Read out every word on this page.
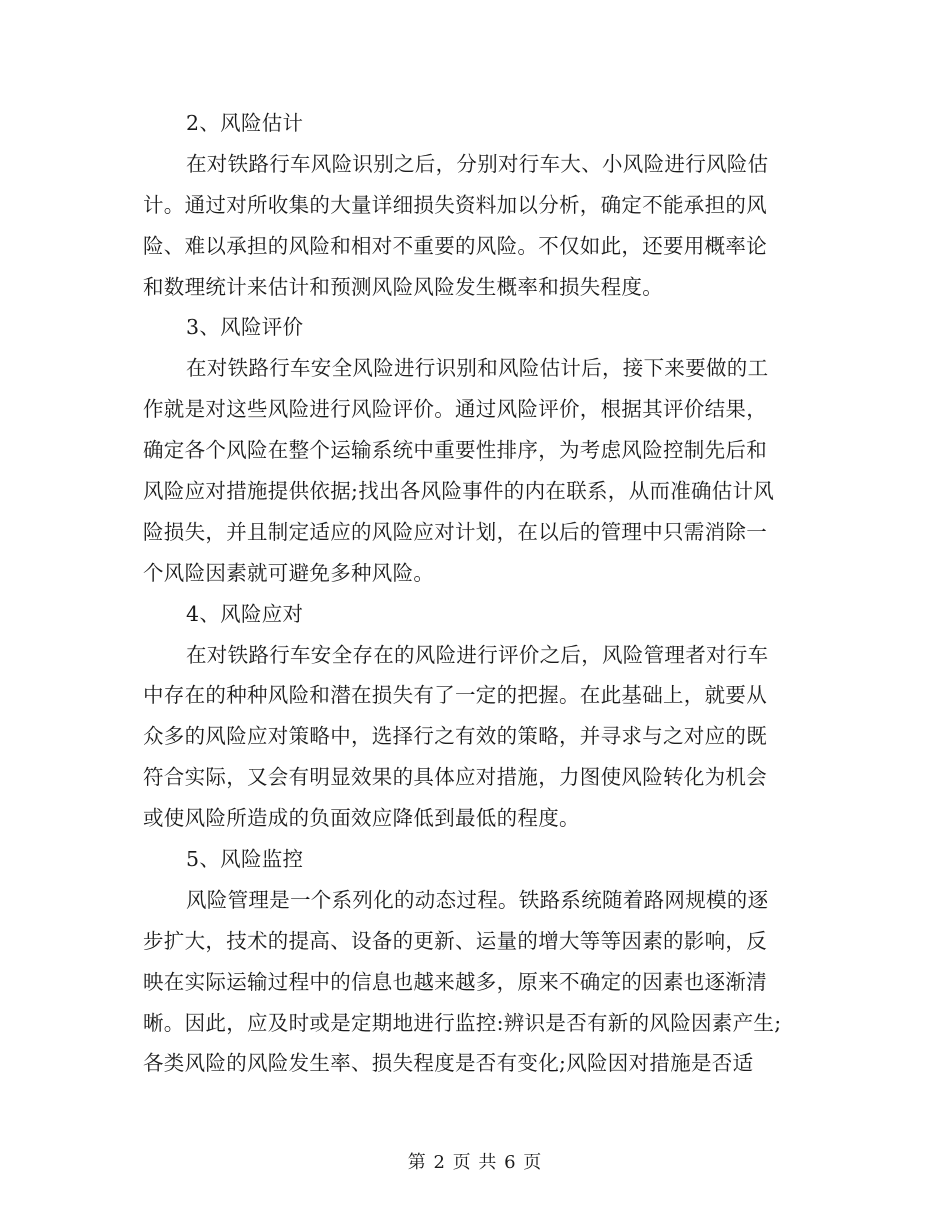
2、风险估计
在对铁路行车风险识别之后，分别对行车大、小风险进行风险估
计。通过对所收集的大量详细损失资料加以分析，确定不能承担的风
险、难以承担的风险和相对不重要的风险。不仅如此，还要用概率论
和数理统计来估计和预测风险风险发生概率和损失程度。
3、风险评价
在对铁路行车安全风险进行识别和风险估计后，接下来要做的工
作就是对这些风险进行风险评价。通过风险评价，根据其评价结果，
确定各个风险在整个运输系统中重要性排序，为考虑风险控制先后和
风险应对措施提供依据;找出各风险事件的内在联系，从而准确估计风
险损失，并且制定适应的风险应对计划，在以后的管理中只需消除一
个风险因素就可避免多种风险。
4、风险应对
在对铁路行车安全存在的风险进行评价之后，风险管理者对行车
中存在的种种风险和潜在损失有了一定的把握。在此基础上，就要从
众多的风险应对策略中，选择行之有效的策略，并寻求与之对应的既
符合实际，又会有明显效果的具体应对措施，力图使风险转化为机会
或使风险所造成的负面效应降低到最低的程度。
5、风险监控
风险管理是一个系列化的动态过程。铁路系统随着路网规模的逐
步扩大，技术的提高、设备的更新、运量的增大等等因素的影响，反
映在实际运输过程中的信息也越来越多，原来不确定的因素也逐渐清
晰。因此，应及时或是定期地进行监控:辨识是否有新的风险因素产生;
各类风险的风险发生率、损失程度是否有变化;风险因对措施是否适
第 2 页 共 6 页
